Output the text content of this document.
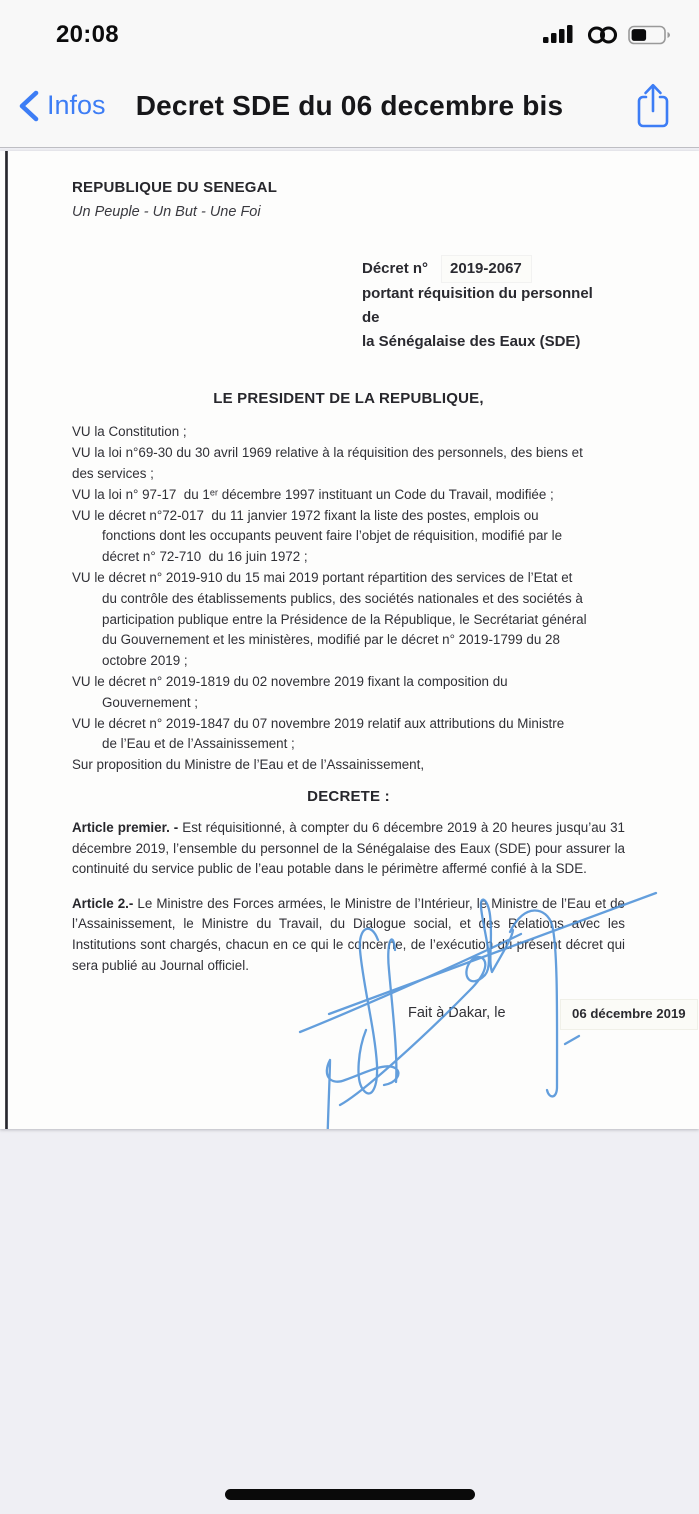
20:08
Infos	Decret SDE du 06 decembre bis
REPUBLIQUE DU SENEGAL
Un Peuple - Un But - Une Foi
Décret n° 2019-2067
portant réquisition du personnel    de
la Sénégalaise des Eaux (SDE)
LE PRESIDENT DE LA REPUBLIQUE,
VU la Constitution ;
VU la loi n°69-30 du 30 avril 1969 relative à la réquisition des personnels, des biens et
des services ;
VU la loi n° 97-17  du 1ᵉʳ décembre 1997 instituant un Code du Travail, modifiée ;
VU le décret n°72-017  du 11 janvier 1972 fixant la liste des postes, emplois ou
fonctions dont les occupants peuvent faire l’objet de réquisition, modifié par le
décret n° 72-710  du 16 juin 1972 ;
VU le décret n° 2019-910 du 15 mai 2019 portant répartition des services de l’Etat et
du contrôle des établissements publics, des sociétés nationales et des sociétés à
participation publique entre la Présidence de la République, le Secrétariat général
du Gouvernement et les ministères, modifié par le décret n° 2019-1799 du 28
octobre 2019 ;
VU le décret n° 2019-1819 du 02 novembre 2019 fixant la composition du
Gouvernement ;
VU le décret n° 2019-1847 du 07 novembre 2019 relatif aux attributions du Ministre
de l’Eau et de l’Assainissement ;
Sur proposition du Ministre de l’Eau et de l’Assainissement,
DECRETE :

Article premier. - Est réquisitionné, à compter du 6 décembre 2019 à 20 heures jusqu’au 31 décembre 2019, l’ensemble du personnel de la Sénégalaise des Eaux (SDE) pour assurer la continuité du service public de l’eau potable dans le périmètre affermé confié à la SDE.

Article 2.- Le Ministre des Forces armées, le Ministre de l’Intérieur, le Ministre de l’Eau et de l’Assainissement, le Ministre du Travail, du Dialogue social, et des Relations avec les Institutions sont chargés, chacun en ce qui le concerne, de l’exécution du présent décret qui sera publié au Journal officiel.

Fait à Dakar, le	06 décembre 2019
